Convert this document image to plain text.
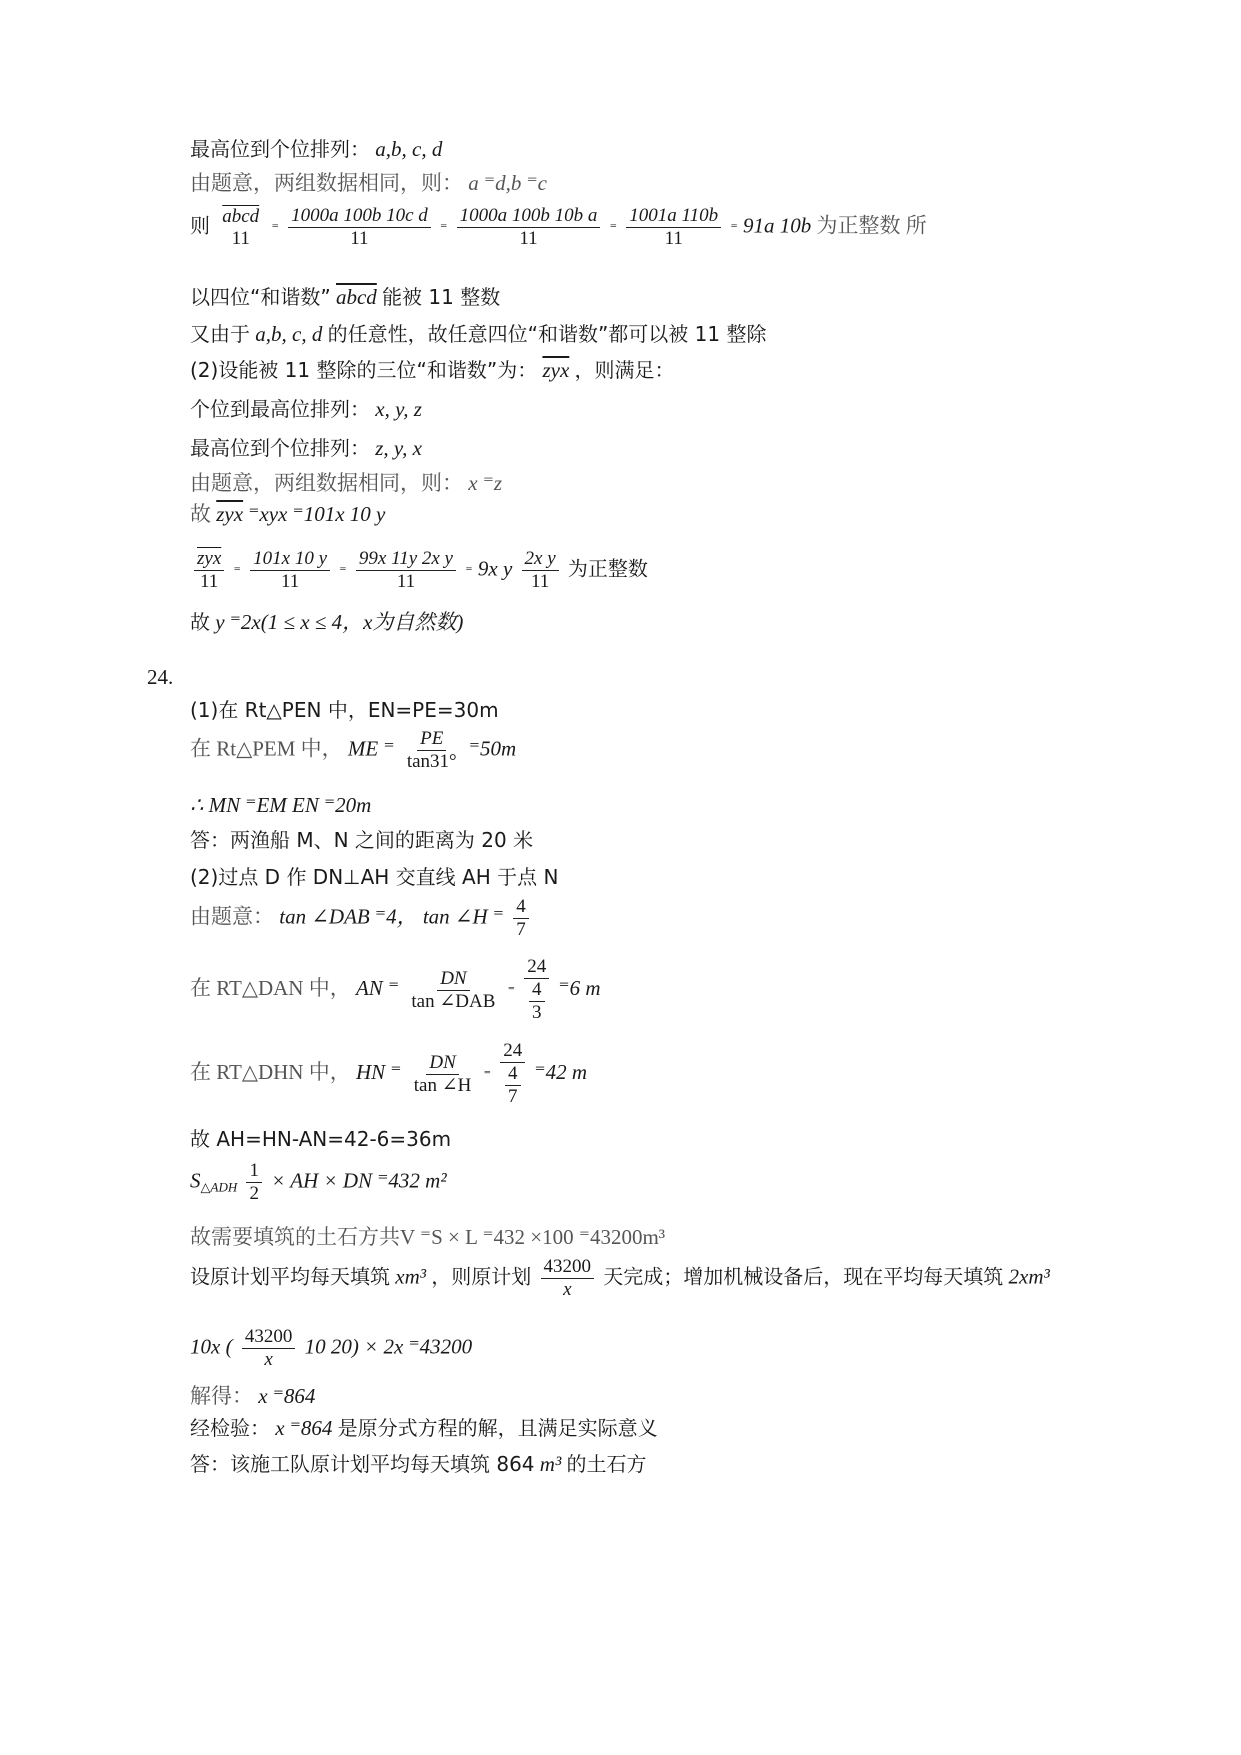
最高位到个位排列： a,b, c, d
由题意，两组数据相同，则： a ⁼d,b ⁼c
则 abcd
11 ⁼ $\frac{\text{1000a 100b 10c d}}{11}$ ⁼ $\frac{\text{1000a 100b 10b a}}{11}$ ⁼ $\frac{1001a 110b}{11}$ ⁼ 91a 10b 为正整数 所
以四位“和谐数” abcd 能被 11 整数
又由于 a,b, c, d 的任意性，故任意四位“和谐数”都可以被 11 整除
(2)设能被 11 整除的三位“和谐数”为： $\overline{zyx}$ ，则满足：
个位到最高位排列： x, y, z
最高位到个位排列： z, y, x
由题意，两组数据相同，则： x ⁼z
故 $\overline{zyx}$ ⁼xyx ⁼101x 10 y
$\frac{\overline{zyx}}{11}$ ⁼ $\frac{101x 10 y}{11}$ ⁼ $\frac{\text{99x 11y 2x y}}{11}$ ⁼ 9x y $\frac{\text{2x y}}{11}$ 为正整数
故 y ⁼2x(1 ≤ x ≤ 4，x为自然数)
24.
(1)在 Rt△PEN 中，EN=PE=30m
在 Rt△PEM 中， ME ⁼ $\frac{PE}{\tan 31^\circ} ^=50m$
∴ MN ⁼EM EN ⁼20m
答：两渔船 M、N 之间的距离为 20 米
(2)过点 D 作 DN⊥AH 交直线 AH 于点 N
由题意： tan ∠DAB ⁼4， tan ∠H ⁼ $\frac{4}{7}$
在 RT△DAN 中， AN ⁼ $\frac{DN}{\text{tan ∠DAB}}$ ⁼ $\frac{24}{\frac{4}{3}} ^=6$ m
在 RT△DHN 中， HN ⁼ $\frac{DN}{\tan \angle H}$ ⁼ $\frac{24}{\frac{4}{7}} ^=42$ m
故 AH=HN-AN=42-6=36m
$S_{\triangle ADH} \frac{1}{2}$ × AH × DN ⁼432 m²
故需要填筑的土石方共V ⁼S × L ⁼432 ×100 ⁼43200m³
设原计划平均每天填筑 xm³ ，则原计划 $\frac{43200}{x}$ 天完成；增加机械设备后，现在平均每天填筑 2xm³
10x ( $\frac{43200}{x} 10$ 20) × 2x ⁼43200
解得： x ⁼864
经检验： x ⁼864 是原分式方程的解，且满足实际意义
答：该施工队原计划平均每天填筑 864 m³ 的土石方
